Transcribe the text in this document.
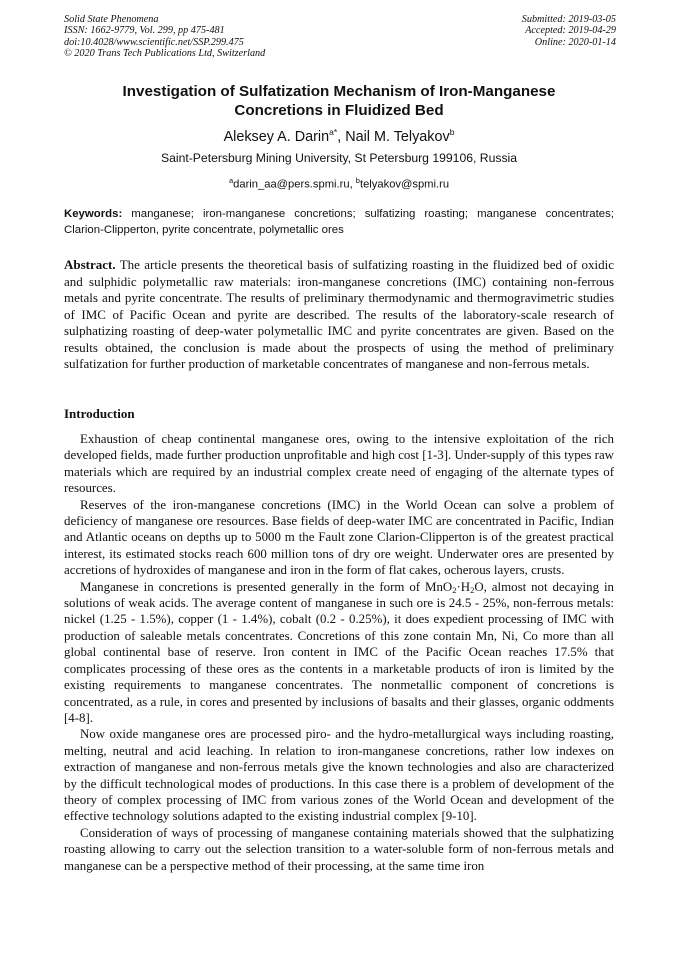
Solid State Phenomena
ISSN: 1662-9779, Vol. 299, pp 475-481
doi:10.4028/www.scientific.net/SSP.299.475
© 2020 Trans Tech Publications Ltd, Switzerland
Submitted: 2019-03-05
Accepted: 2019-04-29
Online: 2020-01-14
Investigation of Sulfatization Mechanism of Iron-Manganese
Concretions in Fluidized Bed
Aleksey A. Darin$^{a*}$, Nail M. Telyakov$^b$
Saint-Petersburg Mining University, St Petersburg 199106, Russia
$^a$darin_aa@pers.spmi.ru, $^b$telyakov@spmi.ru
Keywords: manganese; iron-manganese concretions; sulfatizing roasting; manganese concentrates; Clarion-Clipperton, pyrite concentrate, polymetallic ores
Abstract. The article presents the theoretical basis of sulfatizing roasting in the fluidized bed of oxidic and sulphidic polymetallic raw materials: iron-manganese concretions (IMC) containing non-ferrous metals and pyrite concentrate. The results of preliminary thermodynamic and thermogravimetric studies of IMC of Pacific Ocean and pyrite are described. The results of the laboratory-scale research of sulphatizing roasting of deep-water polymetallic IMC and pyrite concentrates are given. Based on the results obtained, the conclusion is made about the prospects of using the method of preliminary sulfatization for further production of marketable concentrates of manganese and non-ferrous metals.
Introduction

Exhaustion of cheap continental manganese ores, owing to the intensive exploitation of the rich developed fields, made further production unprofitable and high cost [1-3]. Under-supply of this types raw materials which are required by an industrial complex create need of engaging of the alternate types of resources.

Reserves of the iron-manganese concretions (IMC) in the World Ocean can solve a problem of deficiency of manganese ore resources. Base fields of deep-water IMC are concentrated in Pacific, Indian and Atlantic oceans on depths up to 5000 m the Fault zone Clarion-Clipperton is of the greatest practical interest, its estimated stocks reach 600 million tons of dry ore weight. Underwater ores are presented by accretions of hydroxides of manganese and iron in the form of flat cakes, ocherous layers, crusts.

Manganese in concretions is presented generally in the form of $MnO_2\cdot H_2O$, almost not decaying in solutions of weak acids. The average content of manganese in such ore is 24.5 - 25%, non-ferrous metals: nickel (1.25 - 1.5%), copper (1 - 1.4%), cobalt (0.2 - 0.25%), it does expedient processing of IMC with production of saleable metals concentrates. Concretions of this zone contain Mn, Ni, Co more than all global continental base of reserve. Iron content in IMC of the Pacific Ocean reaches 17.5% that complicates processing of these ores as the contents in a marketable products of iron is limited by the existing requirements to manganese concentrates. The nonmetallic component of concretions is concentrated, as a rule, in cores and presented by inclusions of basalts and their glasses, organic oddments [4-8].

Now oxide manganese ores are processed piro- and the hydro-metallurgical ways including roasting, melting, neutral and acid leaching. In relation to iron-manganese concretions, rather low indexes on extraction of manganese and non-ferrous metals give the known technologies and also are characterized by the difficult technological modes of productions. In this case there is a problem of development of the theory of complex processing of IMC from various zones of the World Ocean and development of the effective technology solutions adapted to the existing industrial complex [9-10].

Consideration of ways of processing of manganese containing materials showed that the sulphatizing roasting allowing to carry out the selection transition to a water-soluble form of non-ferrous metals and manganese can be a perspective method of their processing, at the same time iron
